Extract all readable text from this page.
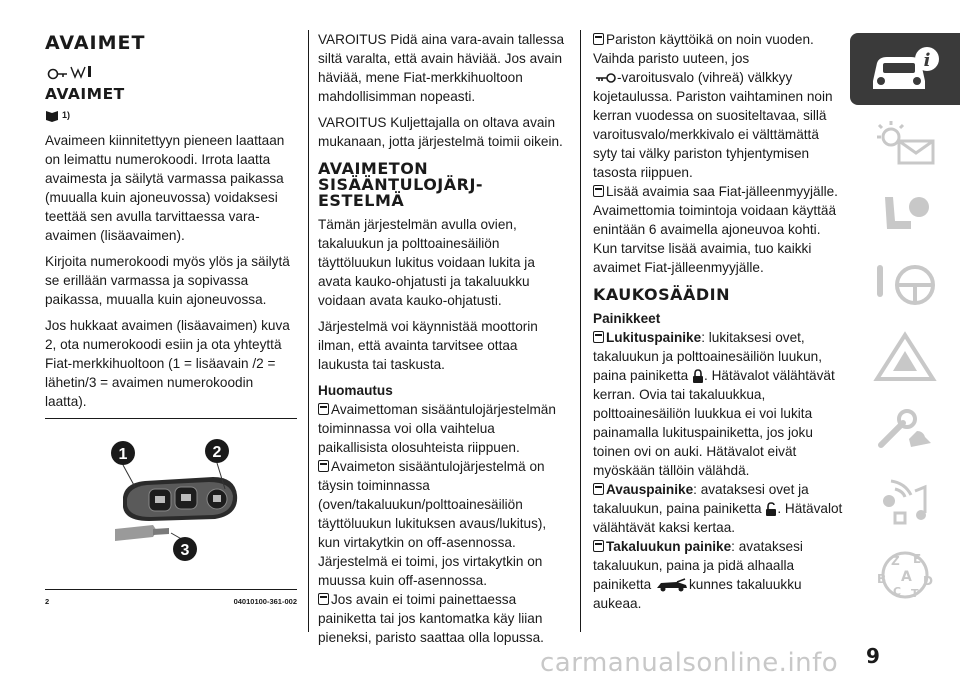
AVAIMET
AVAIMET
1)

Avaimeen kiinnitettyyn pieneen laattaan on leimattu numerokoodi. Irrota laatta avaimesta ja säilytä varmassa paikassa (muualla kuin ajoneuvossa) voidaksesi teettää sen avulla tarvittaessa vara-avaimen (lisäavaimen).

Kirjoita numerokoodi myös ylös ja säilytä se erillään varmassa ja sopivassa paikassa, muualla kuin ajoneuvossa.

Jos hukkaat avaimen (lisäavaimen) kuva 2, ota numerokoodi esiin ja ota yhteyttä Fiat-merkkihuoltoon (1 = lisäavain /2 = lähetin/3 = avaimen numerokoodin laatta).

1	2
3
2	04010100-361-002

VAROITUS Pidä aina vara-avain tallessa siltä varalta, että avain häviää. Jos avain häviää, mene Fiat-merkkihuoltoon mahdollisimman nopeasti.

VAROITUS Kuljettajalla on oltava avain mukanaan, jotta järjestelmä toimii oikein.

AVAIMETON SISÄÄNTULOJÄRJ-ESTELMÄ

Tämän järjestelmän avulla ovien, takaluukun ja polttoainesäiliön täyttöluukun lukitus voidaan lukita ja avata kauko-ohjatusti ja takaluukku voidaan avata kauko-ohjatusti.

Järjestelmä voi käynnistää moottorin ilman, että avainta tarvitsee ottaa laukusta tai taskusta.

Huomautus
Avaimettoman sisääntulojärjestelmän toiminnassa voi olla vaihtelua paikallisista olosuhteista riippuen.
Avaimeton sisääntulojärjestelmä on täysin toiminnassa (oven/takaluukun/polttoainesäiliön täyttöluukun lukituksen avaus/lukitus), kun virtakytkin on off-asennossa. Järjestelmä ei toimi, jos virtakytkin on muussa kuin off-asennossa.
Jos avain ei toimi painettaessa painiketta tai jos kantomatka käy liian pieneksi, paristo saattaa olla lopussa.
Pariston käyttöikä on noin vuoden.
Vaihda paristo uuteen, jos
-varoitusvalo (vihreä) välkkyy kojetaulussa. Pariston vaihtaminen noin kerran vuodessa on suositeltavaa, sillä varoitusvalo/merkkivalo ei välttämättä syty tai välky pariston tyhjentymisen tasosta riippuen.
Lisää avaimia saa Fiat-jälleenmyyjälle.

Avaimettomia toimintoja voidaan käyttää enintään 6 avaimella ajoneuvoa kohti. Kun tarvitse lisää avaimia, tuo kaikki avaimet Fiat-jälleenmyyjälle.

KAUKOSÄÄDIN
Painikkeet
Lukituspainike: lukitaksesi ovet, takaluukun ja polttoainesäiliön luukun, paina painiketta . Hätävalot välähtävät kerran. Ovia tai takaluukkua, polttoainesäiliön luukkua ei voi lukita painamalla lukituspainiketta, jos joku toinen ovi on auki. Hätävalot eivät myöskään tällöin välähdä.
Avauspainike: avataksesi ovet ja takaluukun, paina painiketta . Hätävalot välähtävät kaksi kertaa.
Takaluukun painike: avataksesi takaluukun, paina ja pidä alhaalla painiketta	kunnes takaluukku aukeaa.
i
Z E
B A D
C T
carmanualsonline.info 9
